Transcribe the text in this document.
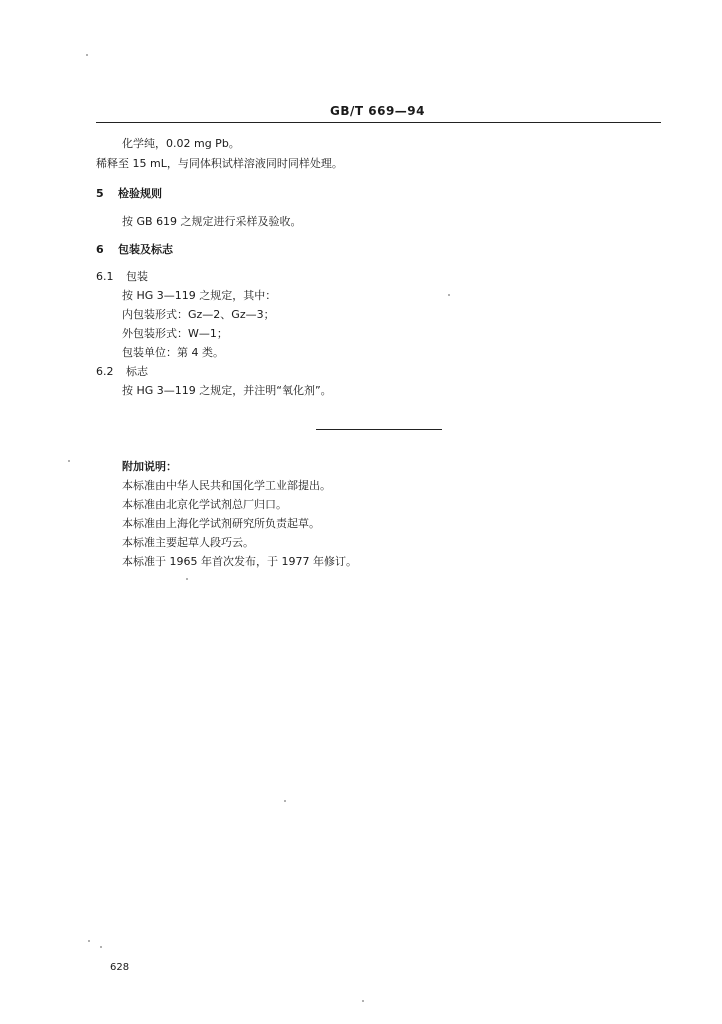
GB/T 669—94
化学纯，0.02 mg Pb。
稀释至 15 mL，与同体积试样溶液同时同样处理。
5 检验规则
按 GB 619 之规定进行采样及验收。
6 包装及标志
6.1 包装
按 HG 3—119 之规定，其中：
内包装形式：Gz—2、Gz—3；
外包装形式：W—1；
包装单位：第 4 类。
6.2 标志
按 HG 3—119 之规定，并注明“氧化剂”。
附加说明：
本标准由中华人民共和国化学工业部提出。
本标准由北京化学试剂总厂归口。
本标准由上海化学试剂研究所负责起草。
本标准主要起草人段巧云。
本标准于 1965 年首次发布，于 1977 年修订。
628
